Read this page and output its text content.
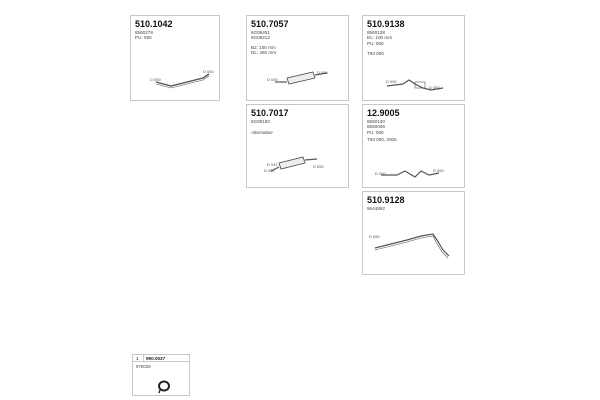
510.1042
8560278
PU: 050
D 050
D 050
510.7057
6G08451
6G08213
B2: 100 mm
DL: 460 mm
D 045
D 050
510.9138
8560138
DL: 100 mm
PU: 060
T93 000
D 050
D 050
510.7017
6G08150
Alternative
D 041
D 050
D 050
12.9005
8560130
8560006
PU: 050
T93 000, 2005
D 050
D 050
510.9128
9644892
D 050
1 990.0037
975039
